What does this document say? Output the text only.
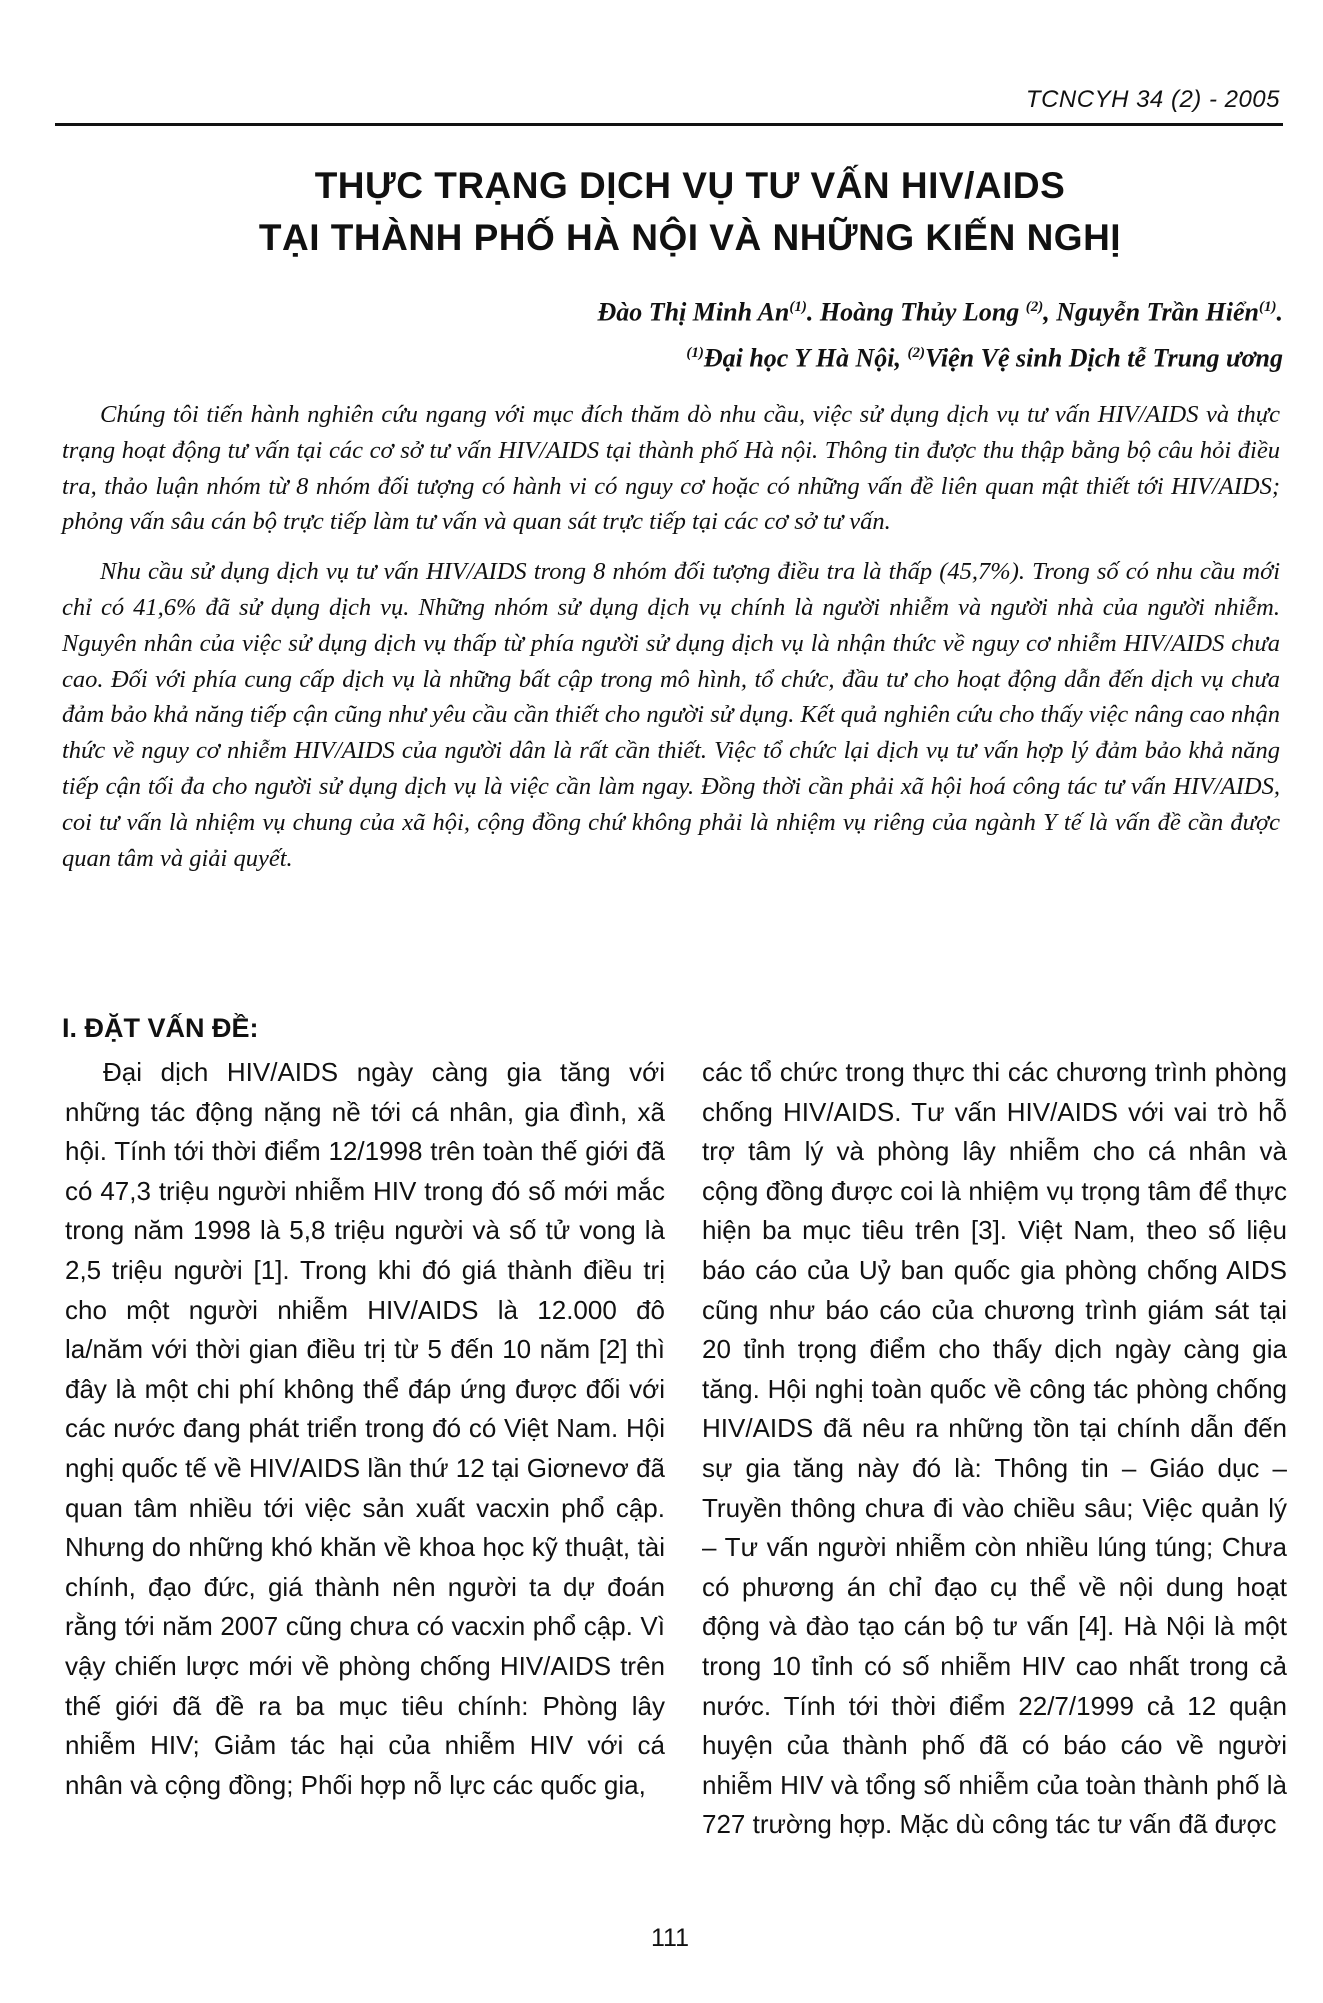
TCNCYH 34 (2) - 2005
THỰC TRẠNG DỊCH VỤ TƯ VẤN HIV/AIDS
TẠI THÀNH PHỐ HÀ NỘI VÀ NHỮNG KIẾN NGHỊ
Đào Thị Minh An$^{(1)}$. Hoàng Thủy Long $^{(2)}$, Nguyễn Trần Hiển$^{(1)}$.
$^{(1)}$Đại học Y Hà Nội, $^{(2)}$Viện Vệ sinh Dịch tễ Trung ương

Chúng tôi tiến hành nghiên cứu ngang với mục đích thăm dò nhu cầu, việc sử dụng dịch vụ tư vấn HIV/AIDS và thực trạng hoạt động tư vấn tại các cơ sở tư vấn HIV/AIDS tại thành phố Hà nội. Thông tin được thu thập bằng bộ câu hỏi điều tra, thảo luận nhóm từ 8 nhóm đối tượng có hành vi có nguy cơ hoặc có những vấn đề liên quan mật thiết tới HIV/AIDS; phỏng vấn sâu cán bộ trực tiếp làm tư vấn và quan sát trực tiếp tại các cơ sở tư vấn.

Nhu cầu sử dụng dịch vụ tư vấn HIV/AIDS trong 8 nhóm đối tượng điều tra là thấp (45,7%). Trong số có nhu cầu mới chỉ có 41,6% đã sử dụng dịch vụ. Những nhóm sử dụng dịch vụ chính là người nhiễm và người nhà của người nhiễm. Nguyên nhân của việc sử dụng dịch vụ thấp từ phía người sử dụng dịch vụ là nhận thức về nguy cơ nhiễm HIV/AIDS chưa cao. Đối với phía cung cấp dịch vụ là những bất cập trong mô hình, tổ chức, đầu tư cho hoạt động dẫn đến dịch vụ chưa đảm bảo khả năng tiếp cận cũng như yêu cầu cần thiết cho người sử dụng. Kết quả nghiên cứu cho thấy việc nâng cao nhận thức về nguy cơ nhiễm HIV/AIDS của người dân là rất cần thiết. Việc tổ chức lại dịch vụ tư vấn hợp lý đảm bảo khả năng tiếp cận tối đa cho người sử dụng dịch vụ là việc cần làm ngay. Đồng thời cần phải xã hội hoá công tác tư vấn HIV/AIDS, coi tư vấn là nhiệm vụ chung của xã hội, cộng đồng chứ không phải là nhiệm vụ riêng của ngành Y tế là vấn đề cần được quan tâm và giải quyết.

I. ĐẶT VẤN ĐỀ:

Đại dịch HIV/AIDS ngày càng gia tăng với những tác động nặng nề tới cá nhân, gia đình, xã hội. Tính tới thời điểm 12/1998 trên toàn thế giới đã có 47,3 triệu người nhiễm HIV trong đó số mới mắc trong năm 1998 là 5,8 triệu người và số tử vong là 2,5 triệu người [1]. Trong khi đó giá thành điều trị cho một người nhiễm HIV/AIDS là 12.000 đô la/năm với thời gian điều trị từ 5 đến 10 năm [2] thì đây là một chi phí không thể đáp ứng được đối với các nước đang phát triển trong đó có Việt Nam. Hội nghị quốc tế về HIV/AIDS lần thứ 12 tại Giơnevơ đã quan tâm nhiều tới việc sản xuất vacxin phổ cập. Nhưng do những khó khăn về khoa học kỹ thuật, tài chính, đạo đức, giá thành nên người ta dự đoán rằng tới năm 2007 cũng chưa có vacxin phổ cập. Vì vậy chiến lược mới về phòng chống HIV/AIDS trên thế giới đã đề ra ba mục tiêu chính: Phòng lây nhiễm HIV; Giảm tác hại của nhiễm HIV với cá nhân và cộng đồng; Phối hợp nỗ lực các quốc gia,

các tổ chức trong thực thi các chương trình phòng chống HIV/AIDS. Tư vấn HIV/AIDS với vai trò hỗ trợ tâm lý và phòng lây nhiễm cho cá nhân và cộng đồng được coi là nhiệm vụ trọng tâm để thực hiện ba mục tiêu trên [3]. Việt Nam, theo số liệu báo cáo của Uỷ ban quốc gia phòng chống AIDS cũng như báo cáo của chương trình giám sát tại 20 tỉnh trọng điểm cho thấy dịch ngày càng gia tăng. Hội nghị toàn quốc về công tác phòng chống HIV/AIDS đã nêu ra những tồn tại chính dẫn đến sự gia tăng này đó là: Thông tin – Giáo dục – Truyền thông chưa đi vào chiều sâu; Việc quản lý – Tư vấn người nhiễm còn nhiều lúng túng; Chưa có phương án chỉ đạo cụ thể về nội dung hoạt động và đào tạo cán bộ tư vấn [4]. Hà Nội là một trong 10 tỉnh có số nhiễm HIV cao nhất trong cả nước. Tính tới thời điểm 22/7/1999 cả 12 quận huyện của thành phố đã có báo cáo về người nhiễm HIV và tổng số nhiễm của toàn thành phố là 727 trường hợp. Mặc dù công tác tư vấn đã được

111
